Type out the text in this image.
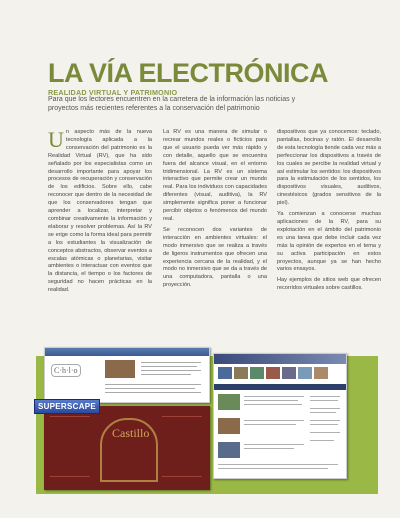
LA VÍA ELECTRÓNICA
REALIDAD VIRTUAL Y PATRIMONIO
Para que los lectores encuentren en la carretera de la información las noticias y proyectos más recientes referentes a la conservación del patrimonio
U n aspecto más de la nueva tecnología aplicada a la conservación del patrimonio es la Realidad Virtual (RV), que ha sido señalado por los especialistas como un desarrollo importante para apoyar los procesos de recuperación y conservación de los edificios. Sobre ello, cabe reconocer que dentro de la necesidad de que los conservadores tengan que aprender a localizar, interpretar y combinar creativamente la información y elaborar y resolver problemas. Así la RV se erige como la forma ideal para permitir a los estudiantes la visualización de conceptos abstractos, observar eventos a escalas atómicas o planetarias, visitar ambientes o interactuar con eventos que la distancia, el tiempo o los factores de seguridad no hacen prácticas en la realidad.

La RV es una manera de simular o recrear mundos reales o ficticios para que el usuario pueda ver más rápido y con detalle, aquello que se encuentra fuera del alcance visual, en el entorno tridimensional. La RV es un sistema interactivo que permite crear un mundo real. Para los individuos con capacidades diferentes (visual, auditiva), la RV simplemente significa poner a funcionar percibir objetos o fenómenos del mundo real.

Se reconocen dos variantes de interacción en ambientes virtuales: el modo inmersivo que se realiza a través de ligeros instrumentos que ofrecen una experiencia cercana de la realidad, y el modo no inmersivo que se da a través de una computadora, pantalla o una proyección.

dispositivos que ya conocemos: teclado, pantallas, bocinas y ratón. El desarrollo de esta tecnología tiende cada vez más a perfeccionar los dispositivos a través de los cuales se percibe la realidad virtual y así estimular los sentidos: los dispositivos para la estimulación de los sentidos, los dispositivos visuales, auditivos, cinestésicos (grados sensitivos de la piel).

Ya comienzan a conocerse muchas aplicaciones de la RV, para su explotación en el ámbito del patrimonio es una tarea que debe incluir cada vez más la opinión de expertos en el tema y su activa participación en estos proyectos, aunque ya se han hecho varios ensayos.

Hay ejemplos de sitios web que ofrecen recorridos virtuales sobre castillos.

C·h·l·o
Castillo
SUPERSCAPE
